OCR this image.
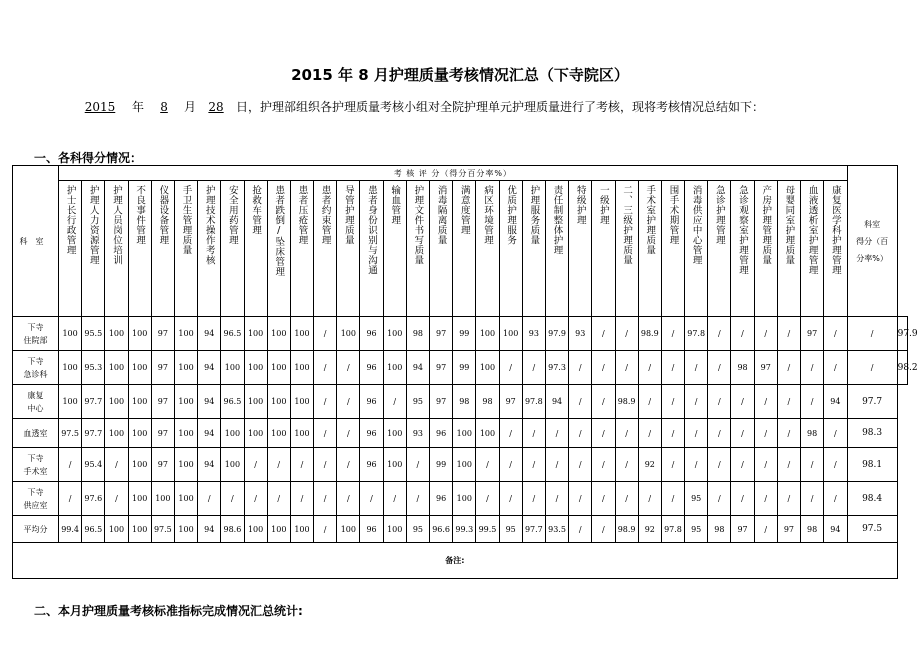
2015 年 8 月护理质量考核情况汇总（下寺院区）
2015 年 8 月 28 日，护理部组织各护理质量考核小组对全院护理单元护理质量进行了考核，现将考核情况总结如下：
一、各科得分情况：
科室	考 核 评 分（得分百分率%）																																		科室
得分（百
分率%）	

	护士长行政管理	护理人力资源管理	护理人员岗位培训	不良事件管理	仪器设备管理	手卫生管理质量	护理技术操作考核	安全用药管理	抢救车管理	患者跌倒/坠床管理	患者压疮管理	患者约束管理	导管护理质量	患者身份识别与沟通	输血管理	护理文件书写质量	消毒隔离质量	满意度管理	病区环境管理	优质护理服务	护理服务质量	责任制整体护理	特级护理	一级护理	二、三级护理质量	手术室护理质量	围手术期管理	消毒供应中心管理	急诊护理管理	急诊观察室护理管理	产房护理管理质量	母婴同室护理质量	血液透析室护理管理	康复医学科护理管理		

下寺
住院部	100	95.5	100	100	97	100	94	96.5	100	100	100	/	100	96	100	98	97	99	100	100	93	97.9	93	/	/	98.9	/	97.8	/	/	/	/	97	/	/	97.9

下寺
急诊科	100	95.3	100	100	97	100	94	100	100	100	100	/	/	96	100	94	97	99	100	/	/	97.3	/	/	/	/	/	/	/	98	97	/	/	/	/	98.2

康复
中心	100	97.7	100	100	97	100	94	96.5	100	100	100	/	/	96	/	95	97	98	98	97	97.8	94	/	/	98.9	/	/	/	/	/	/	/	/	94	97.7	

血透室	97.5	97.7	100	100	97	100	94	100	100	100	100	/	/	96	100	93	96	100	100	/	/	/	/	/	/	/	/	/	/	/	/	/	98	/	98.3	

下寺
手术室	/	95.4	/	100	97	100	94	100	/	/	/	/	/	96	100	/	99	100	/	/	/	/	/	/	/	92	/	/	/	/	/	/	/	/	98.1	

下寺
供应室	/	97.6	/	100	100	100	/	/	/	/	/	/	/	/	/	/	96	100	/	/	/	/	/	/	/	/	/	95	/	/	/	/	/	/	98.4	

平均分	99.4	96.5	100	100	97.5	100	94	98.6	100	100	100	/	100	96	100	95	96.6	99.3	99.5	95	97.7	93.5	/	/	98.9	92	97.8	95	98	97	/	97	98	94	97.5	
备注:																																				
二、本月护理质量考核标准指标完成情况汇总统计:
